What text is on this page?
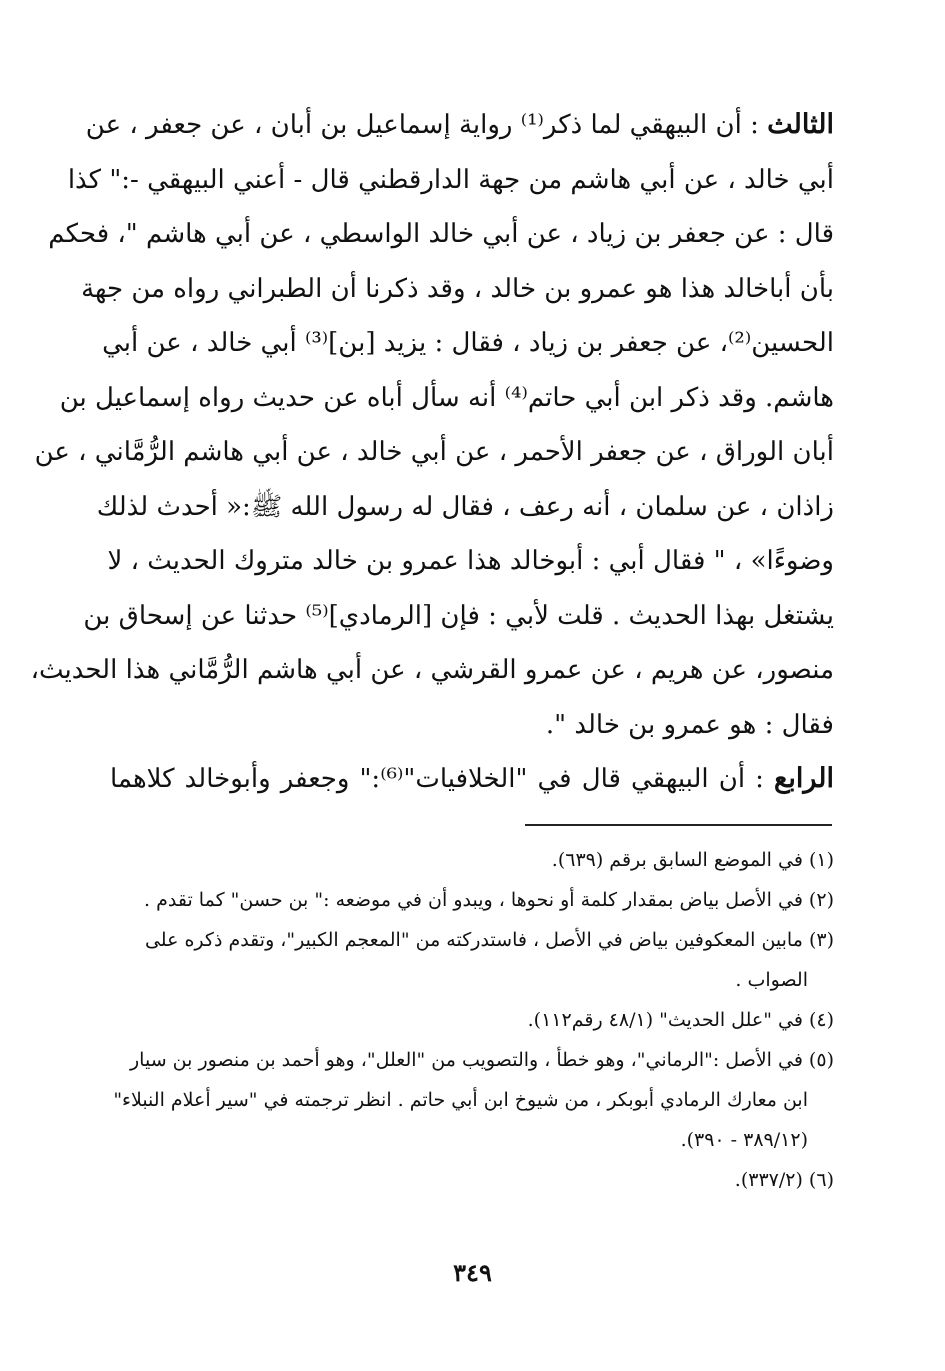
الثالث : أن البيهقي لما ذكر⁽¹⁾ رواية إسماعيل بن أبان ، عن جعفر ، عن
أبي خالد ، عن أبي هاشم من جهة الدارقطني قال - أعني البيهقي -:" كذا
قال : عن جعفر بن زياد ، عن أبي خالد الواسطي ، عن أبي هاشم "، فحكم
بأن أباخالد هذا هو عمرو بن خالد ، وقد ذكرنا أن الطبراني رواه من جهة
الحسين⁽²⁾، عن جعفر بن زياد ، فقال : يزيد [بن]⁽³⁾ أبي خالد ، عن أبي
هاشم. وقد ذكر ابن أبي حاتم⁽⁴⁾ أنه سأل أباه عن حديث رواه إسماعيل بن
أبان الوراق ، عن جعفر الأحمر ، عن أبي خالد ، عن أبي هاشم الرُّمَّاني ، عن
زاذان ، عن سلمان ، أنه رعف ، فقال له رسول الله ﷺ:« أحدث لذلك
وضوءًا» ، " فقال أبي : أبوخالد هذا عمرو بن خالد متروك الحديث ، لا
يشتغل بهذا الحديث . قلت لأبي : فإن [الرمادي]⁽⁵⁾ حدثنا عن إسحاق بن
منصور، عن هريم ، عن عمرو القرشي ، عن أبي هاشم الرُّمَّاني هذا الحديث،
فقال : هو عمرو بن خالد ".
الرابع : أن البيهقي قال في "الخلافيات"⁽⁶⁾:" وجعفر وأبوخالد كلاهما
(١) في الموضع السابق برقم (٦٣٩).
(٢) في الأصل بياض بمقدار كلمة أو نحوها ، ويبدو أن في موضعه :" بن حسن" كما تقدم .
(٣) مابين المعكوفين بياض في الأصل ، فاستدركته من "المعجم الكبير"، وتقدم ذكره على
الصواب .
(٤) في "علل الحديث" (٤٨/١ رقم١١٢).
(٥) في الأصل :"الرماني"، وهو خطأ ، والتصويب من "العلل"، وهو أحمد بن منصور بن سيار
ابن معارك الرمادي أبوبكر ، من شيوخ ابن أبي حاتم . انظر ترجمته في "سير أعلام النبلاء"
(٣٨٩/١٢ - ٣٩٠).
(٦) (٣٣٧/٢).
٣٤٩
